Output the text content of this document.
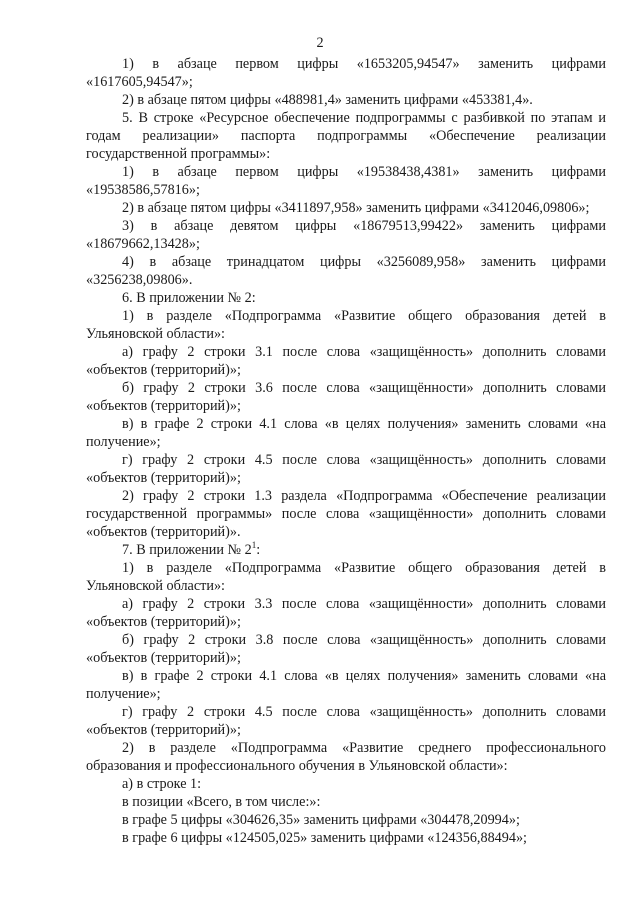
2

1) в абзаце первом цифры «1653205,94547» заменить цифрами «1617605,94547»;

2) в абзаце пятом цифры «488981,4» заменить цифрами «453381,4».

5. В строке «Ресурсное обеспечение подпрограммы с разбивкой по этапам и годам реализации» паспорта подпрограммы «Обеспечение реализации государственной программы»:

1) в абзаце первом цифры «19538438,4381» заменить цифрами «19538586,57816»;

2) в абзаце пятом цифры «3411897,958» заменить цифрами «3412046,09806»;

3) в абзаце девятом цифры «18679513,99422» заменить цифрами «18679662,13428»;

4) в абзаце тринадцатом цифры «3256089,958» заменить цифрами «3256238,09806».

6. В приложении № 2:

1) в разделе «Подпрограмма «Развитие общего образования детей в Ульяновской области»:

а) графу 2 строки 3.1 после слова «защищённость» дополнить словами «объектов (территорий)»;

б) графу 2 строки 3.6 после слова «защищённости» дополнить словами «объектов (территорий)»;

в) в графе 2 строки 4.1 слова «в целях получения» заменить словами «на получение»;

г) графу 2 строки 4.5 после слова «защищённость» дополнить словами «объектов (территорий)»;

2) графу 2 строки 1.3 раздела «Подпрограмма «Обеспечение реализации государственной программы» после слова «защищённости» дополнить словами «объектов (территорий)».

7. В приложении № $2^1$:

1) в разделе «Подпрограмма «Развитие общего образования детей в Ульяновской области»:

а) графу 2 строки 3.3 после слова «защищённости» дополнить словами «объектов (территорий)»;

б) графу 2 строки 3.8 после слова «защищённость» дополнить словами «объектов (территорий)»;

в) в графе 2 строки 4.1 слова «в целях получения» заменить словами «на получение»;

г) графу 2 строки 4.5 после слова «защищённость» дополнить словами «объектов (территорий)»;

2) в разделе «Подпрограмма «Развитие среднего профессионального образования и профессионального обучения в Ульяновской области»:

а) в строке 1:

в позиции «Всего, в том числе:»:

в графе 5 цифры «304626,35» заменить цифрами «304478,20994»;

в графе 6 цифры «124505,025» заменить цифрами «124356,88494»;
